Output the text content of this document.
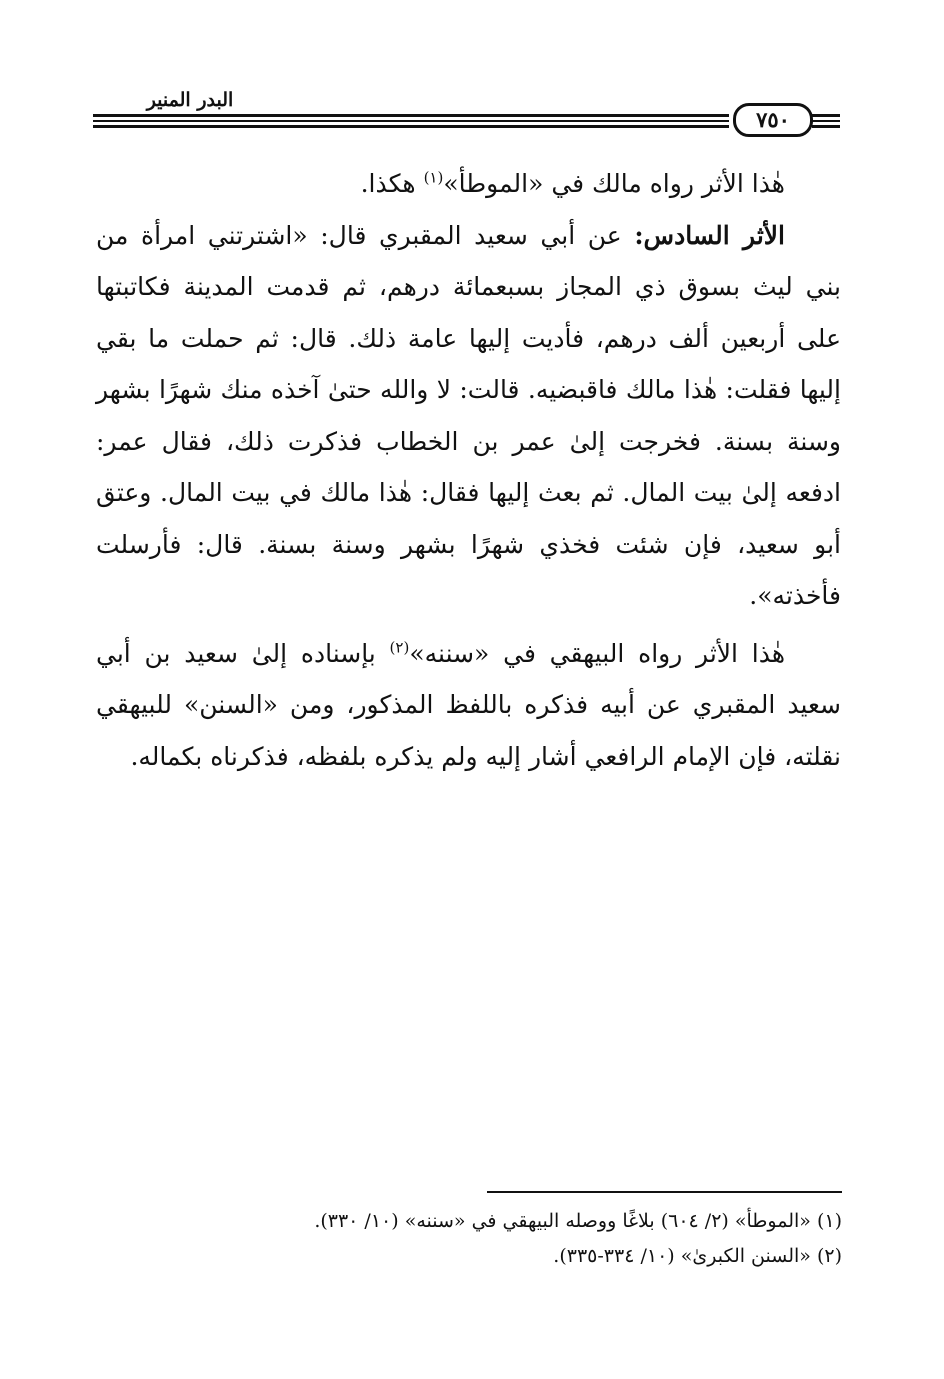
البدر المنير
٧٥٠

هٰذا الأثر رواه مالك في «الموطأ»$^{(١)}$ هكذا.

الأثر السادس: عن أبي سعيد المقبري قال: «اشترتني امرأة من بني ليث بسوق ذي المجاز بسبعمائة درهم، ثم قدمت المدينة فكاتبتها على أربعين ألف درهم، فأديت إليها عامة ذلك. قال: ثم حملت ما بقي إليها فقلت: هٰذا مالك فاقبضيه. قالت: لا والله حتىٰ آخذه منك شهرًا بشهر وسنة بسنة. فخرجت إلىٰ عمر بن الخطاب فذكرت ذلك، فقال عمر: ادفعه إلىٰ بيت المال. ثم بعث إليها فقال: هٰذا مالك في بيت المال. وعتق أبو سعيد، فإن شئت فخذي شهرًا بشهر وسنة بسنة. قال: فأرسلت فأخذته».

هٰذا الأثر رواه البيهقي في «سننه»$^{(٢)}$ بإسناده إلىٰ سعيد بن أبي سعيد المقبري عن أبيه فذكره باللفظ المذكور، ومن «السنن» للبيهقي نقلته، فإن الإمام الرافعي أشار إليه ولم يذكره بلفظه، فذكرناه بكماله.

(١) «الموطأ» (٢/ ٦٠٤) بلاغًا ووصله البيهقي في «سننه» (١٠/ ٣٣٠).
(٢) «السنن الكبرىٰ» (١٠/ ٣٣٤-٣٣٥).
